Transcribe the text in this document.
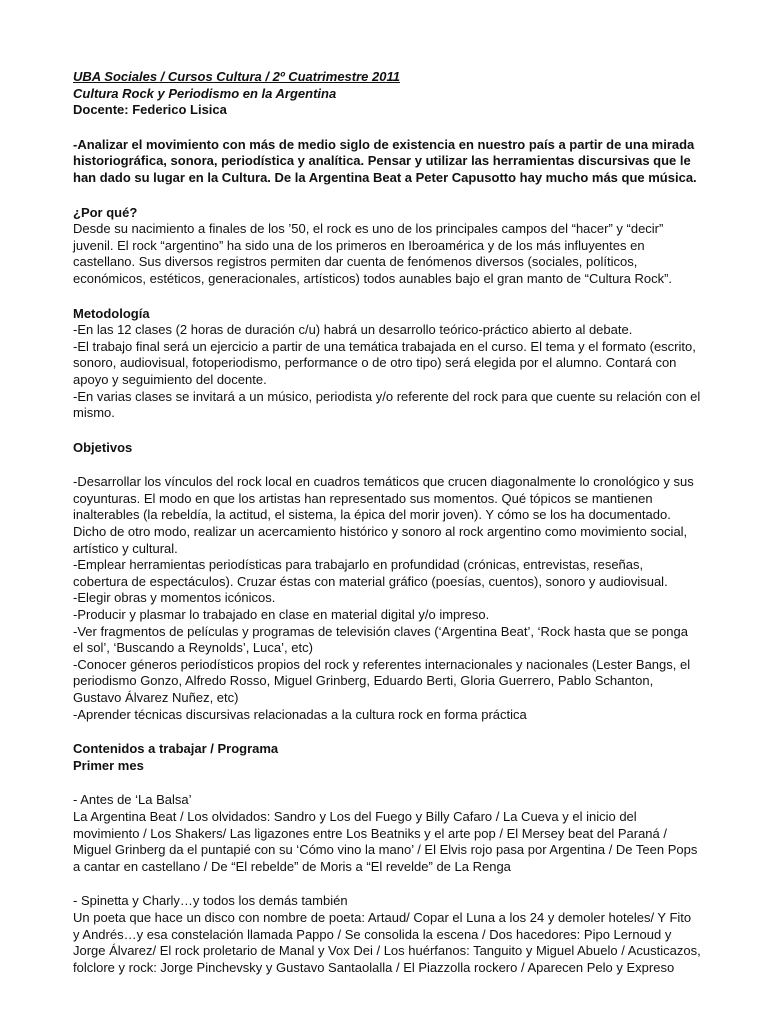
UBA Sociales / Cursos Cultura / 2º Cuatrimestre 2011

Cultura Rock y Periodismo en la Argentina

Docente: Federico Lisica

-Analizar el movimiento con más de medio siglo de existencia en nuestro país a partir de una mirada historiográfica, sonora, periodística y analítica. Pensar y utilizar las herramientas discursivas que le han dado su lugar en la Cultura. De la Argentina Beat a Peter Capusotto hay mucho más que música.

¿Por qué?

Desde su nacimiento a finales de los ’50, el rock es uno de los principales campos del “hacer” y “decir” juvenil. El rock “argentino” ha sido una de los primeros en Iberoamérica y de los más influyentes en castellano. Sus diversos registros permiten dar cuenta de fenómenos diversos (sociales, políticos, económicos, estéticos, generacionales, artísticos) todos aunables bajo el gran manto de “Cultura Rock”.

Metodología

-En las 12 clases (2 horas de duración c/u) habrá un desarrollo teórico-práctico abierto al debate.

-El trabajo final será un ejercicio a partir de una temática trabajada en el curso. El tema y el formato (escrito, sonoro, audiovisual, fotoperiodismo, performance o de otro tipo) será elegida por el alumno. Contará con apoyo y seguimiento del docente.

-En varias clases se invitará a un músico, periodista y/o referente del rock para que cuente su relación con el mismo.

Objetivos

-Desarrollar los vínculos del rock local en cuadros temáticos que crucen diagonalmente lo cronológico y sus coyunturas. El modo en que los artistas han representado sus momentos. Qué tópicos se mantienen inalterables (la rebeldía, la actitud, el sistema, la épica del morir joven). Y cómo se los ha documentado. Dicho de otro modo, realizar un acercamiento histórico y sonoro al rock argentino como movimiento social, artístico y cultural.

-Emplear herramientas periodísticas para trabajarlo en profundidad (crónicas, entrevistas, reseñas, cobertura de espectáculos). Cruzar éstas con material gráfico (poesías, cuentos), sonoro y audiovisual.

-Elegir obras y momentos icónicos.

-Producir y plasmar lo trabajado en clase en material digital y/o impreso.

-Ver fragmentos de películas y programas de televisión claves (‘Argentina Beat’, ‘Rock hasta que se ponga el sol’, ‘Buscando a Reynolds’, Luca’, etc)

-Conocer géneros periodísticos propios del rock y referentes internacionales y nacionales (Lester Bangs, el periodismo Gonzo, Alfredo Rosso, Miguel Grinberg, Eduardo Berti, Gloria Guerrero, Pablo Schanton, Gustavo Álvarez Nuñez, etc)

-Aprender técnicas discursivas relacionadas a la cultura rock en forma práctica

Contenidos a trabajar / Programa

Primer mes

- Antes de ‘La Balsa’

La Argentina Beat / Los olvidados: Sandro y Los del Fuego y Billy Cafaro / La Cueva y el inicio del movimiento / Los Shakers/ Las ligazones entre Los Beatniks y el arte pop / El Mersey beat del Paraná / Miguel Grinberg da el puntapié con su ‘Cómo vino la mano’ / El Elvis rojo pasa por Argentina / De Teen Pops a cantar en castellano / De “El rebelde” de Moris a “El revelde” de La Renga

- Spinetta y Charly…y todos los demás también

Un poeta que hace un disco con nombre de poeta: Artaud/ Copar el Luna a los 24 y demoler hoteles/ Y Fito y Andrés…y esa constelación llamada Pappo / Se consolida la escena / Dos hacedores: Pipo Lernoud y Jorge Álvarez/ El rock proletario de Manal y Vox Dei / Los huérfanos: Tanguito y Miguel Abuelo / Acusticazos, folclore y rock: Jorge Pinchevsky y Gustavo Santaolalla / El Piazzolla rockero / Aparecen Pelo y Expreso
